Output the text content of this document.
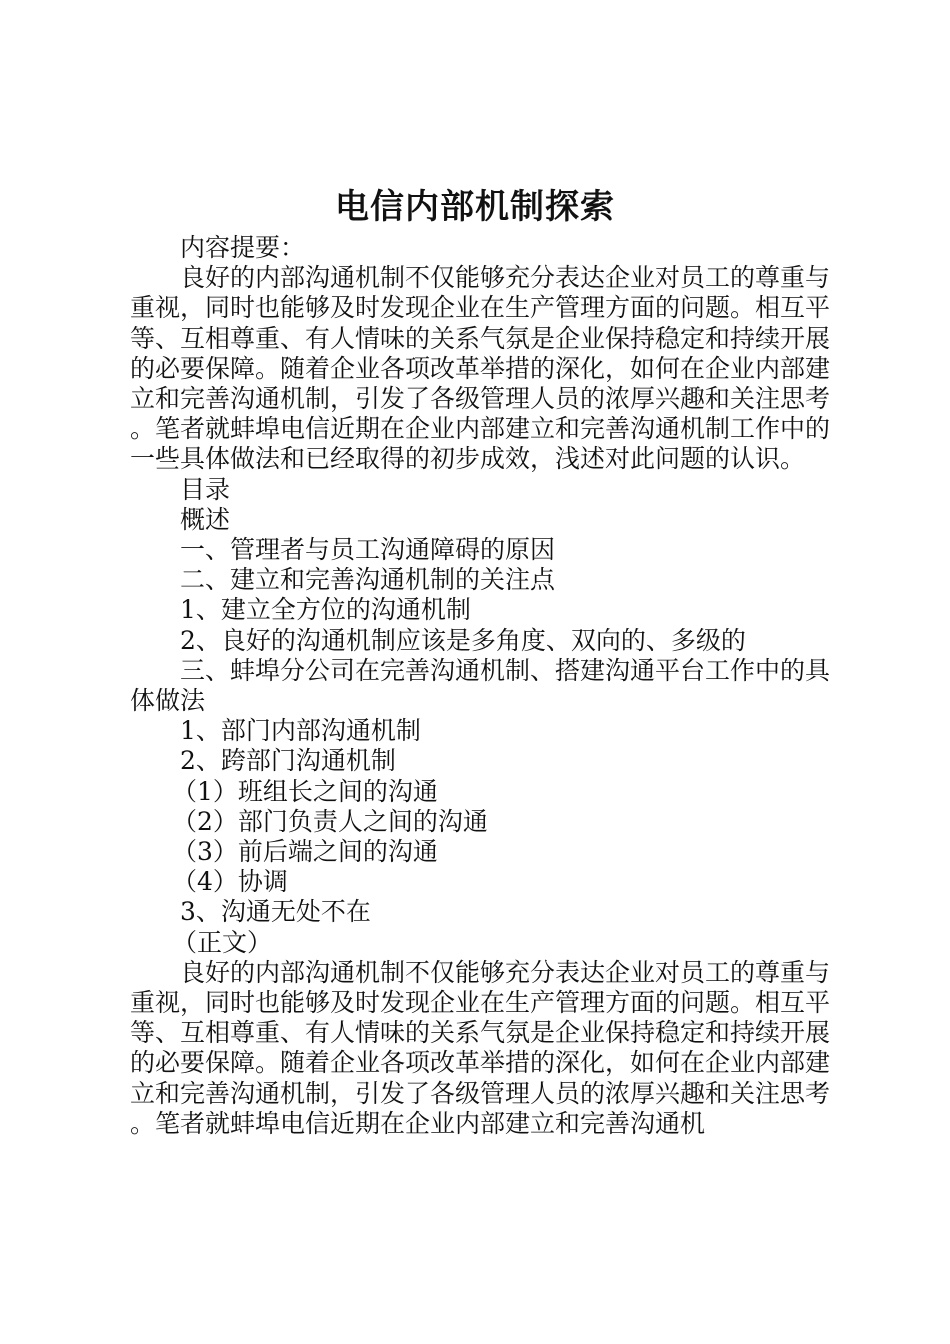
电信内部机制探索

内容提要：

良好的内部沟通机制不仅能够充分表达企业对员工的尊重与重视，同时也能够及时发现企业在生产管理方面的问题。相互平等、互相尊重、有人情味的关系气氛是企业保持稳定和持续开展的必要保障。随着企业各项改革举措的深化，如何在企业内部建立和完善沟通机制，引发了各级管理人员的浓厚兴趣和关注思考。笔者就蚌埠电信近期在企业内部建立和完善沟通机制工作中的一些具体做法和已经取得的初步成效，浅述对此问题的认识。

目录

概述

一、管理者与员工沟通障碍的原因

二、建立和完善沟通机制的关注点

1、建立全方位的沟通机制

2、良好的沟通机制应该是多角度、双向的、多级的

三、蚌埠分公司在完善沟通机制、搭建沟通平台工作中的具体做法

1、部门内部沟通机制

2、跨部门沟通机制

（1）班组长之间的沟通

（2）部门负责人之间的沟通

（3）前后端之间的沟通

（4）协调

3、沟通无处不在

（正文）

良好的内部沟通机制不仅能够充分表达企业对员工的尊重与重视，同时也能够及时发现企业在生产管理方面的问题。相互平等、互相尊重、有人情味的关系气氛是企业保持稳定和持续开展的必要保障。随着企业各项改革举措的深化，如何在企业内部建立和完善沟通机制，引发了各级管理人员的浓厚兴趣和关注思考。笔者就蚌埠电信近期在企业内部建立和完善沟通机
